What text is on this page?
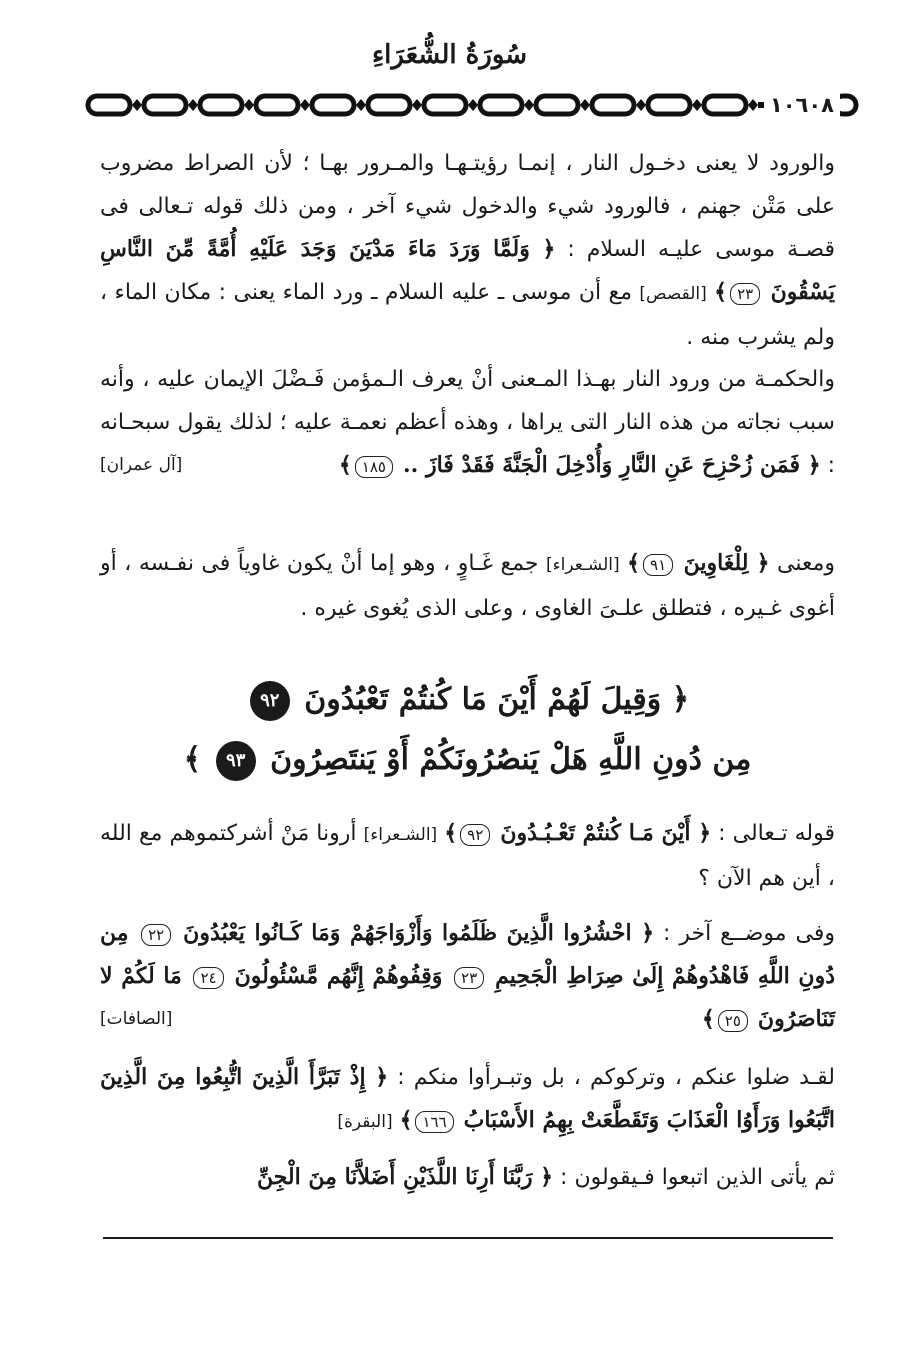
سُورَةُ الشُّعَرَاءِ
١٠٦٠٨

والورود لا يعنى دخـول النار ، إنمـا رؤيتـهـا والمـرور بهـا ؛ لأن الصراط مضروب على مَتْن جهنم ، فالورود شيء والدخول شيء آخر ، ومن ذلك قوله تـعالى فى قصـة موسى عليـه السلام : ﴿ وَلَمَّا وَرَدَ مَاءَ مَدْيَنَ وَجَدَ عَلَيْهِ أُمَّةً مِّنَ النَّاسِ يَسْقُونَ ٢٣﴾ [القصص] مع أن موسى ـ عليه السلام ـ ورد الماء يعنى : مكان الماء ، ولم يشرب منه .

والحكمـة من ورود النار بهـذا المـعنى أنْ يعرف الـمؤمن فَـضْلَ الإيمان عليه ، وأنه سبب نجاته من هذه النار التى يراها ، وهذه أعظم نعمـة عليه ؛ لذلك يقول سبحـانه : ﴿ فَمَن زُحْزِحَ عَنِ النَّارِ وَأُدْخِلَ الْجَنَّةَ فَقَدْ فَازَ .. ١٨٥﴾
[آل عمران]

ومعنى ﴿ لِلْغَاوِينَ ٩١﴾ [الشـعراء] جمع غَـاوٍ ، وهو إما أنْ يكون غاوياً فى نفـسه ، أو أغوى غـيره ، فتطلق علـىَ الغاوى ، وعلى الذى يُغوى غيره .

﴿ وَقِيلَ لَهُمْ أَيْنَ مَا كُنتُمْ تَعْبُدُونَ ٩٢
مِن دُونِ اللَّهِ هَلْ يَنصُرُونَكُمْ أَوْ يَنتَصِرُونَ ٩٣ ﴾

قوله تـعالى : ﴿ أَيْنَ مَـا كُنتُمْ تَعْـبُـدُونَ ٩٢﴾ [الشـعراء] أرونا مَنْ أشركتموهم مع الله ، أين هم الآن ؟

وفى موضــع آخر : ﴿ احْشُرُوا الَّذِينَ ظَلَمُوا وَأَزْوَاجَهُمْ وَمَا كَـانُوا يَعْبُدُونَ ٢٢ مِن دُونِ اللَّهِ فَاهْدُوهُمْ إِلَىٰ صِرَاطِ الْجَحِيمِ ٢٣ وَقِفُوهُمْ إِنَّهُم مَّسْئُولُونَ ٢٤ مَا لَكُمْ لا تَنَاصَرُونَ ٢٥﴾
[الصافات]

لقـد ضلوا عنكم ، وتركوكم ، بل وتبـرأوا منكم : ﴿ إِذْ تَبَرَّأَ الَّذِينَ اتُّبِعُوا مِنَ الَّذِينَ اتَّبَعُوا وَرَأَوُا الْعَذَابَ وَتَقَطَّعَتْ بِهِمُ الأَسْبَابُ ١٦٦﴾ [البقرة]

ثم يأتى الذين اتبعوا فـيقولون : ﴿ رَبَّنَا أَرِنَا اللَّذَيْنِ أَضَلاَّنَا مِنَ الْجِنِّ
